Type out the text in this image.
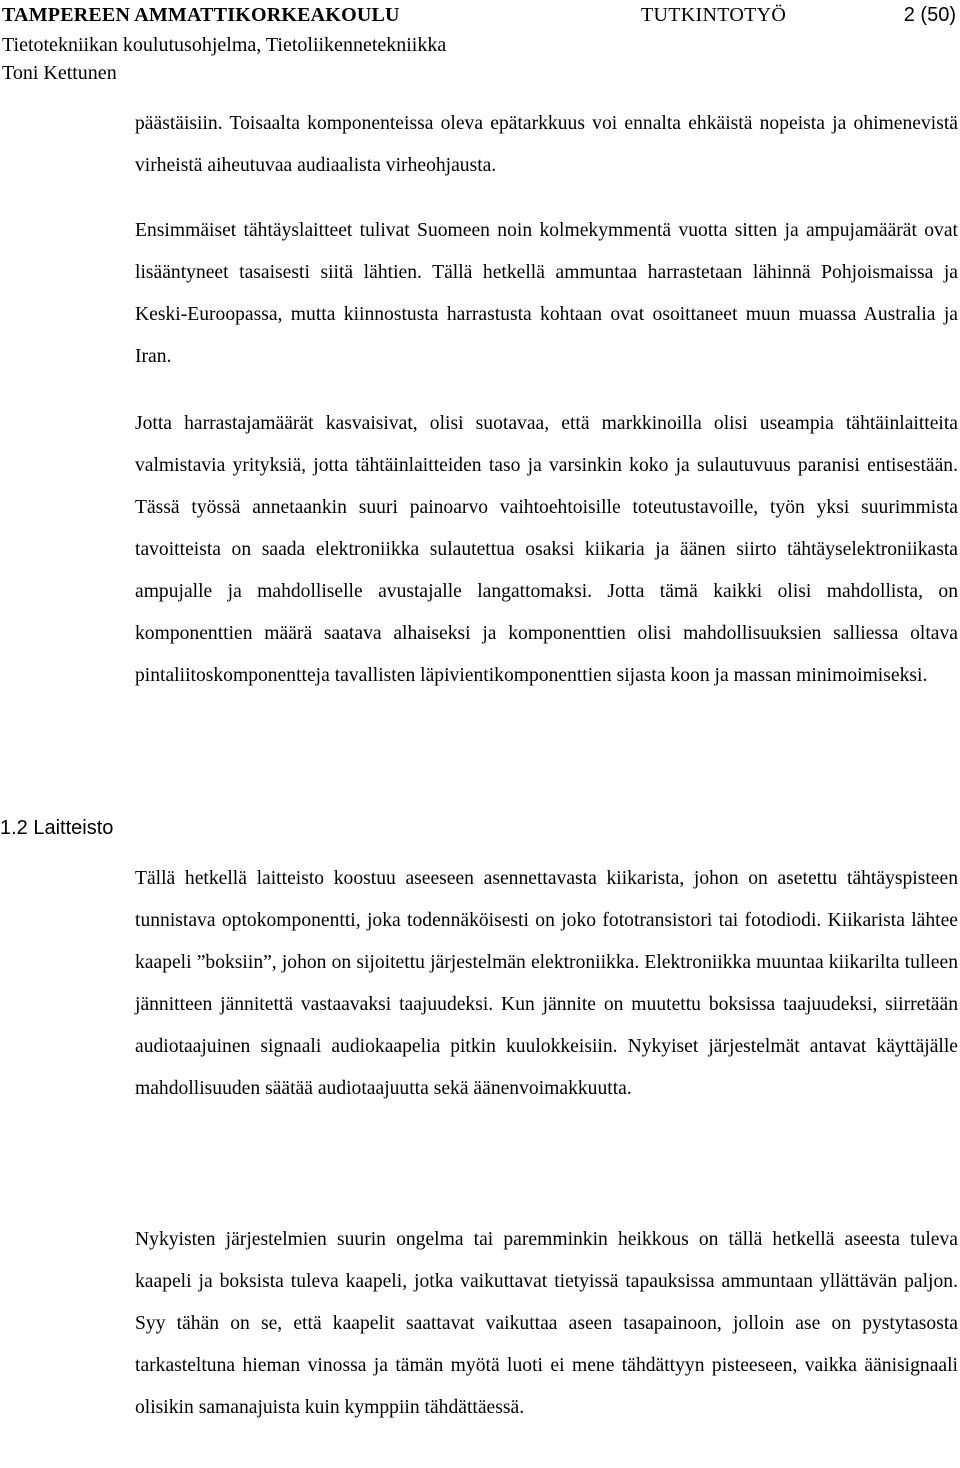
TAMPEREEN AMMATTIKORKEAKOULU	TUTKINTOTYÖ	2 (50)
Tietotekniikan koulutusohjelma, Tietoliikennetekniikka
Toni Kettunen

päästäisiin. Toisaalta komponenteissa oleva epätarkkuus voi ennalta ehkäistä nopeista ja ohimenevistä virheistä aiheutuvaa audiaalista virheohjausta.

Ensimmäiset tähtäyslaitteet tulivat Suomeen noin kolmekymmentä vuotta sitten ja ampujamäärät ovat lisääntyneet tasaisesti siitä lähtien. Tällä hetkellä ammuntaa harrastetaan lähinnä Pohjoismaissa ja Keski-Euroopassa, mutta kiinnostusta harrastusta kohtaan ovat osoittaneet muun muassa Australia ja Iran.

Jotta harrastajamäärät kasvaisivat, olisi suotavaa, että markkinoilla olisi useampia tähtäinlaitteita valmistavia yrityksiä, jotta tähtäinlaitteiden taso ja varsinkin koko ja sulautuvuus paranisi entisestään. Tässä työssä annetaankin suuri painoarvo vaihtoehtoisille toteutustavoille, työn yksi suurimmista tavoitteista on saada elektroniikka sulautettua osaksi kiikaria ja äänen siirto tähtäyselektroniikasta ampujalle ja mahdolliselle avustajalle langattomaksi. Jotta tämä kaikki olisi mahdollista, on komponenttien määrä saatava alhaiseksi ja komponenttien olisi mahdollisuuksien salliessa oltava pintaliitoskomponentteja tavallisten läpivientikomponenttien sijasta koon ja massan minimoimiseksi.

1.2 Laitteisto

Tällä hetkellä laitteisto koostuu aseeseen asennettavasta kiikarista, johon on asetettu tähtäyspisteen tunnistava optokomponentti, joka todennäköisesti on joko fototransistori tai fotodiodi. Kiikarista lähtee kaapeli ”boksiin”, johon on sijoitettu järjestelmän elektroniikka. Elektroniikka muuntaa kiikarilta tulleen jännitteen jännitettä vastaavaksi taajuudeksi. Kun jännite on muutettu boksissa taajuudeksi, siirretään audiotaajuinen signaali audiokaapelia pitkin kuulokkeisiin. Nykyiset järjestelmät antavat käyttäjälle mahdollisuuden säätää audiotaajuutta sekä äänenvoimakkuutta.

Nykyisten järjestelmien suurin ongelma tai paremminkin heikkous on tällä hetkellä aseesta tuleva kaapeli ja boksista tuleva kaapeli, jotka vaikuttavat tietyissä tapauksissa ammuntaan yllättävän paljon. Syy tähän on se, että kaapelit saattavat vaikuttaa aseen tasapainoon, jolloin ase on pystytasosta tarkasteltuna hieman vinossa ja tämän myötä luoti ei mene tähdättyyn pisteeseen, vaikka äänisignaali olisikin samanajuista kuin kymppiin tähdättäessä.
